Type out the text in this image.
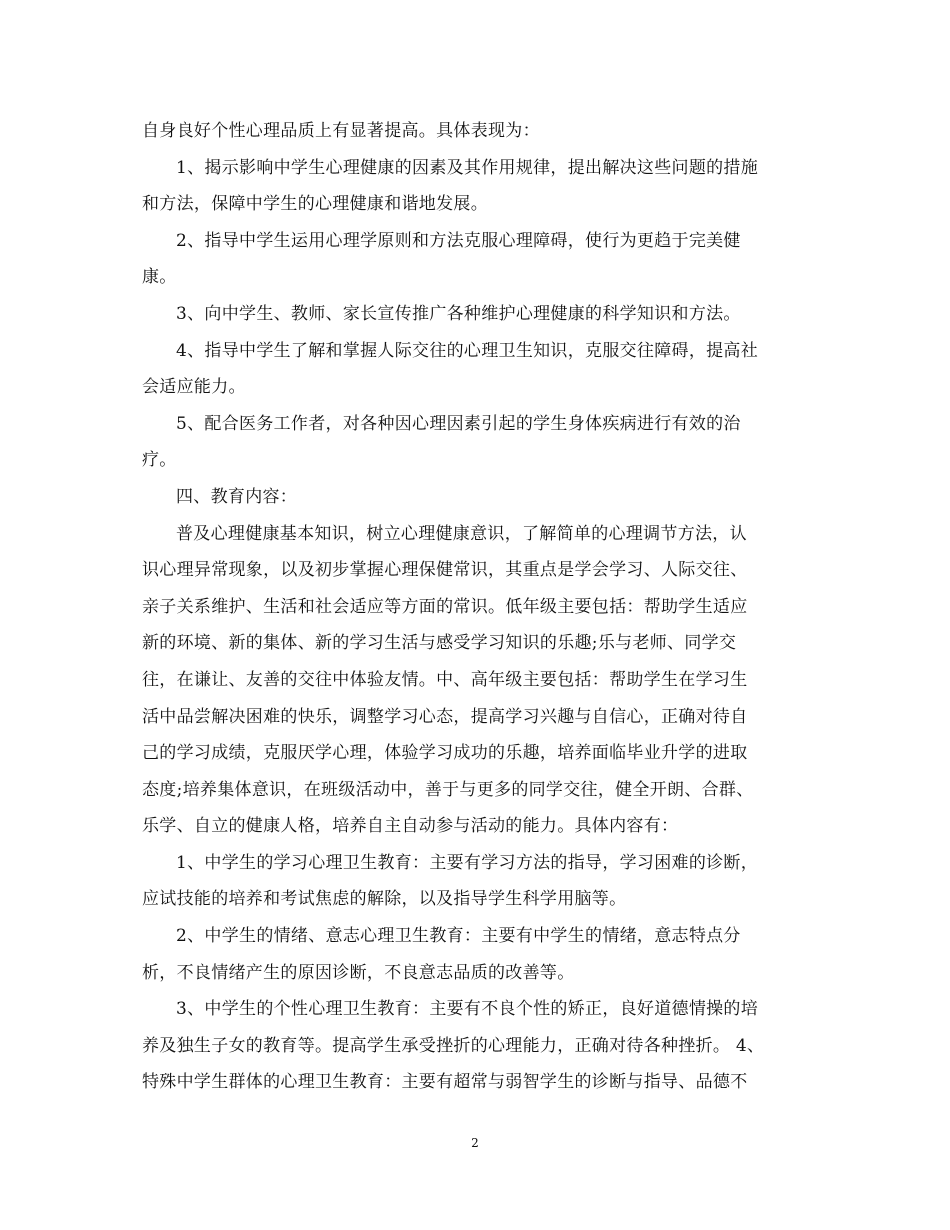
自身良好个性心理品质上有显著提高。具体表现为：
1、揭示影响中学生心理健康的因素及其作用规律，提出解决这些问题的措施
和方法，保障中学生的心理健康和谐地发展。
2、指导中学生运用心理学原则和方法克服心理障碍，使行为更趋于完美健
康。
3、向中学生、教师、家长宣传推广各种维护心理健康的科学知识和方法。
4、指导中学生了解和掌握人际交往的心理卫生知识，克服交往障碍，提高社
会适应能力。
5、配合医务工作者，对各种因心理因素引起的学生身体疾病进行有效的治
疗。
四、教育内容：
普及心理健康基本知识，树立心理健康意识，了解简单的心理调节方法，认
识心理异常现象，以及初步掌握心理保健常识，其重点是学会学习、人际交往、
亲子关系维护、生活和社会适应等方面的常识。低年级主要包括：帮助学生适应
新的环境、新的集体、新的学习生活与感受学习知识的乐趣;乐与老师、同学交
往，在谦让、友善的交往中体验友情。中、高年级主要包括：帮助学生在学习生
活中品尝解决困难的快乐，调整学习心态，提高学习兴趣与自信心，正确对待自
己的学习成绩，克服厌学心理，体验学习成功的乐趣，培养面临毕业升学的进取
态度;培养集体意识，在班级活动中，善于与更多的同学交往，健全开朗、合群、
乐学、自立的健康人格，培养自主自动参与活动的能力。具体内容有：
1、中学生的学习心理卫生教育：主要有学习方法的指导，学习困难的诊断，
应试技能的培养和考试焦虑的解除，以及指导学生科学用脑等。
2、中学生的情绪、意志心理卫生教育：主要有中学生的情绪，意志特点分
析，不良情绪产生的原因诊断，不良意志品质的改善等。
3、中学生的个性心理卫生教育：主要有不良个性的矫正，良好道德情操的培
养及独生子女的教育等。提高学生承受挫折的心理能力，正确对待各种挫折。 4、
特殊中学生群体的心理卫生教育：主要有超常与弱智学生的诊断与指导、品德不
2
